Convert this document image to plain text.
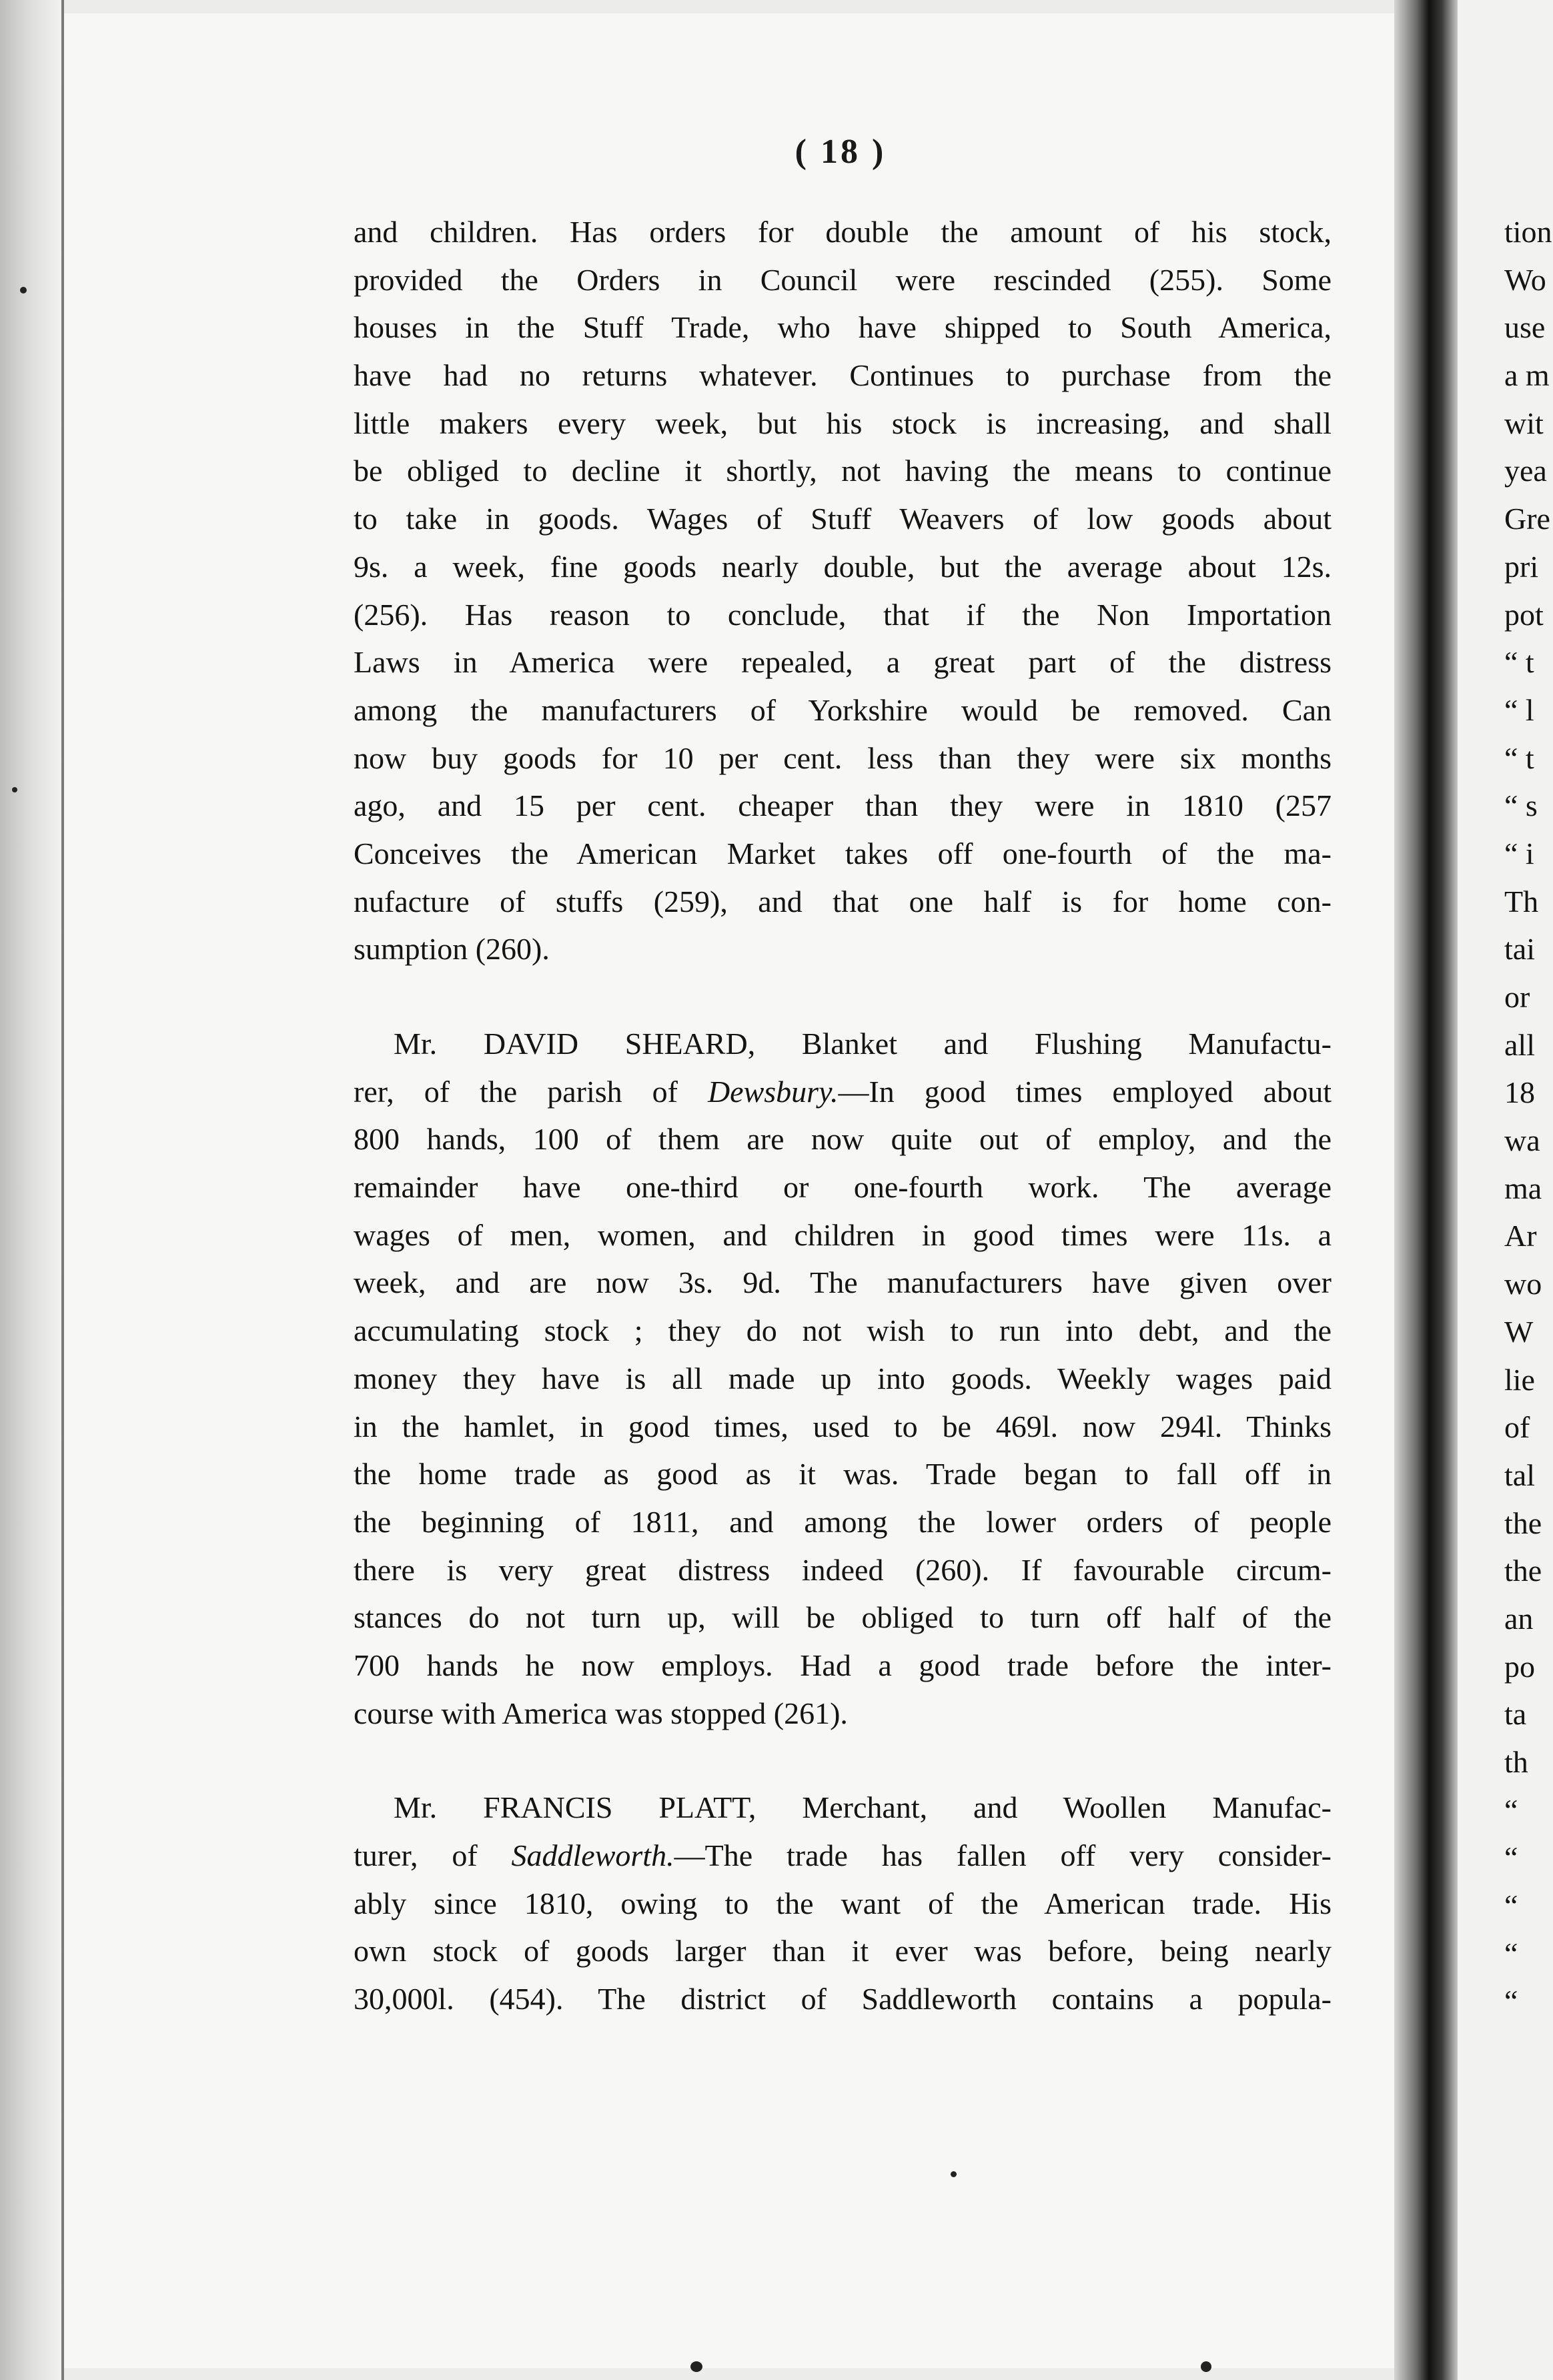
( 18 )
and children. Has orders for double the amount of his stock,
provided the Orders in Council were rescinded (255). Some
houses in the Stuff Trade, who have shipped to South America,
have had no returns whatever. Continues to purchase from the
little makers every week, but his stock is increasing, and shall
be obliged to decline it shortly, not having the means to continue
to take in goods. Wages of Stuff Weavers of low goods about
9s. a week, fine goods nearly double, but the average about 12s.
(256). Has reason to conclude, that if the Non Importation
Laws in America were repealed, a great part of the distress
among the manufacturers of Yorkshire would be removed. Can
now buy goods for 10 per cent. less than they were six months
ago, and 15 per cent. cheaper than they were in 1810 (257
Conceives the American Market takes off one-fourth of the ma-
nufacture of stuffs (259), and that one half is for home con-
sumption (260).
Mr. DAVID SHEARD, Blanket and Flushing Manufactu-
rer, of the parish of Dewsbury.—In good times employed about
800 hands, 100 of them are now quite out of employ, and the
remainder have one-third or one-fourth work. The average
wages of men, women, and children in good times were 11s. a
week, and are now 3s. 9d. The manufacturers have given over
accumulating stock ; they do not wish to run into debt, and the
money they have is all made up into goods. Weekly wages paid
in the hamlet, in good times, used to be 469l. now 294l. Thinks
the home trade as good as it was. Trade began to fall off in
the beginning of 1811, and among the lower orders of people
there is very great distress indeed (260). If favourable circum-
stances do not turn up, will be obliged to turn off half of the
700 hands he now employs. Had a good trade before the inter-
course with America was stopped (261).
Mr. FRANCIS PLATT, Merchant, and Woollen Manufac-
turer, of Saddleworth.—The trade has fallen off very consider-
ably since 1810, owing to the want of the American trade. His
own stock of goods larger than it ever was before, being nearly
30,000l. (454). The district of Saddleworth contains a popula-
tion
Wo
use
a m
wit
yea
Gre
pri
pot
“ t
“ l
“ t
“ s
“ i
Th
tai
or
all
18
wa
ma
Ar
wo
W
lie
of
tal
the
the
an
po
ta
th
“
“
“
“
“
